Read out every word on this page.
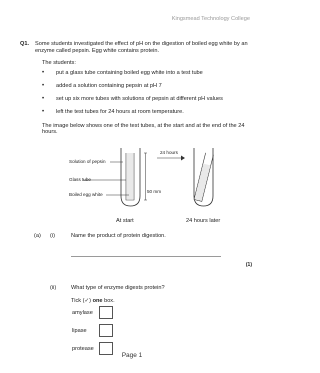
Kingsmead Technology College
Q1. Some students investigated the effect of pH on the digestion of boiled egg white by an enzyme called pepsin. Egg white contains protein.
The students:
•	put a glass tube containing boiled egg white into a test tube
•	added a solution containing pepsin at pH 7
•	set up six more tubes with solutions of pepsin at different pH values
•	left the test tubes for 24 hours at room temperature.
The image below shows one of the test tubes, at the start and at the end of the 24 hours.
Solution of pepsin
Glass tube
Boiled egg white
50 mm
24 hours
At start	24 hours later
(a) (i)	Name the product of protein digestion.
(1)
(ii)	What type of enzyme digests protein?
Tick (✓) one box.
amylase
lipase
protease
Page 1
